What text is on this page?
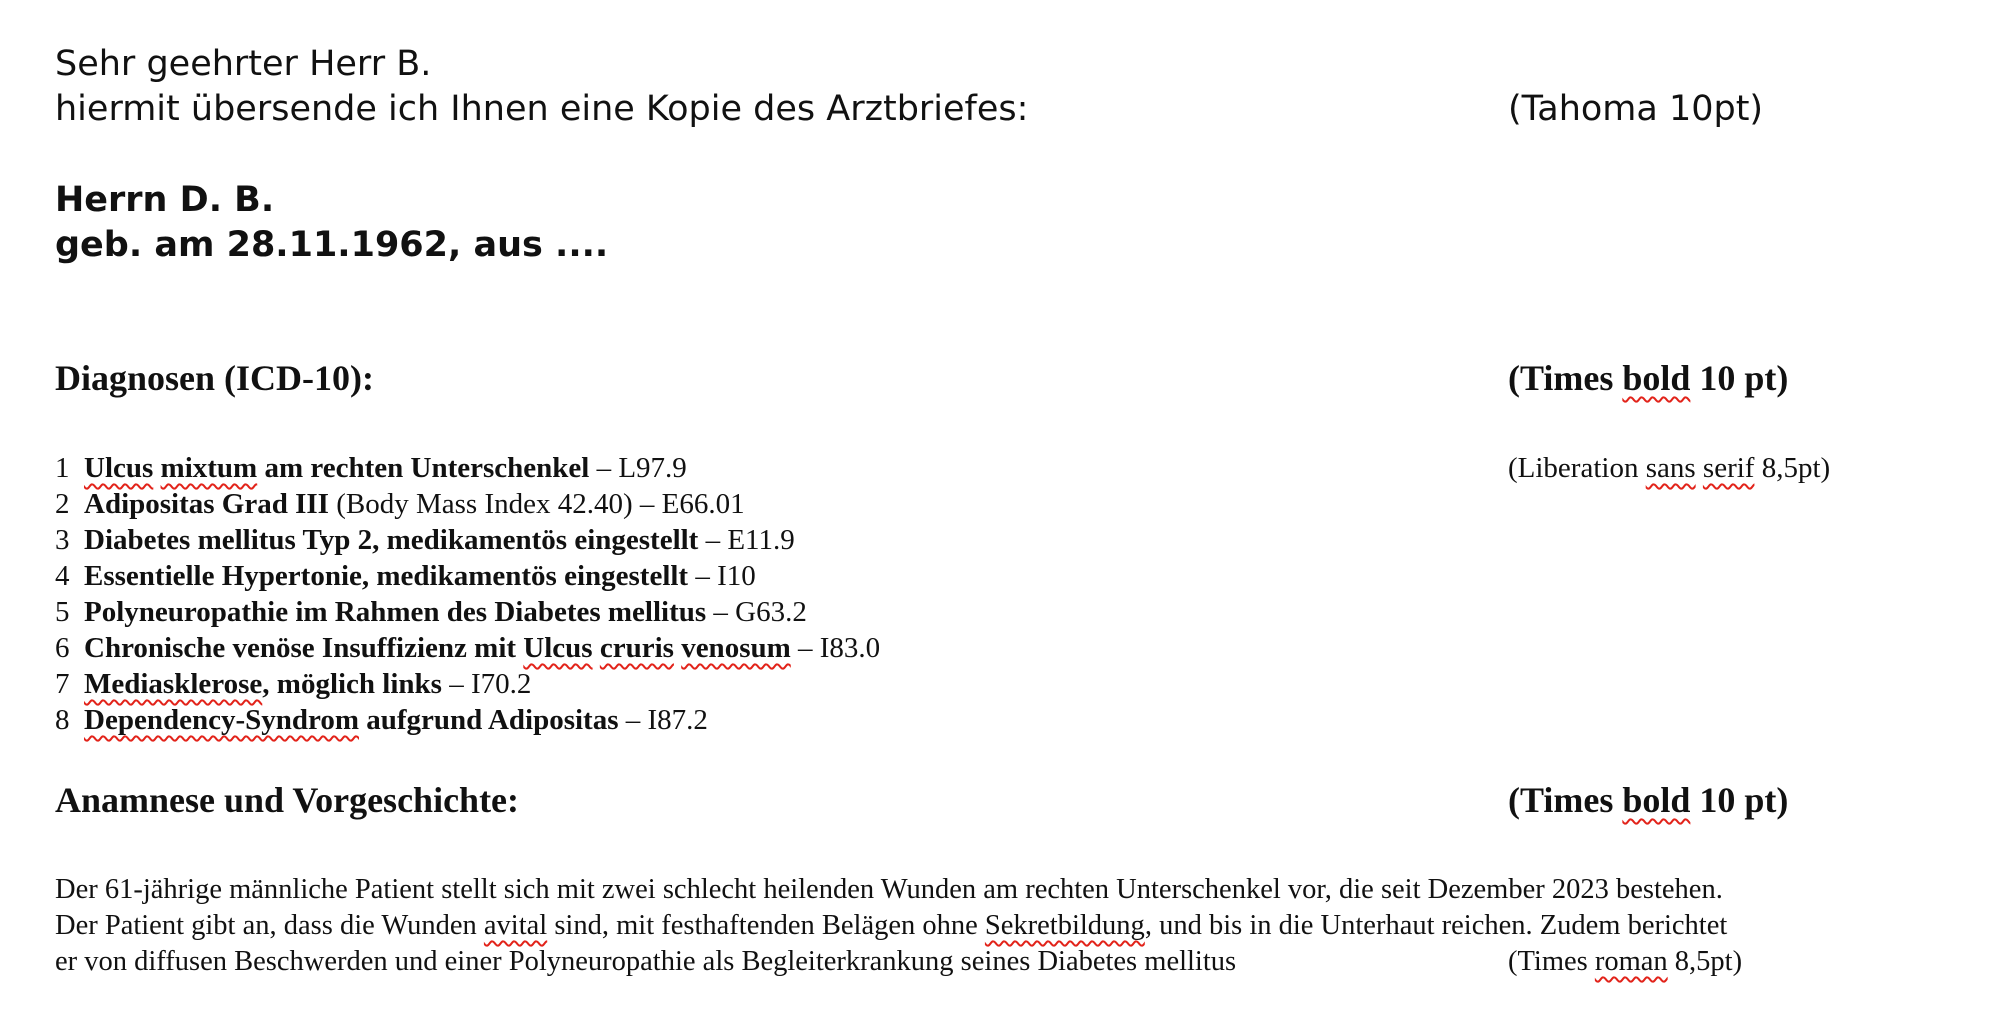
Sehr geehrter Herr B.
hiermit übersende ich Ihnen eine Kopie des Arztbriefes:	(Tahoma 10pt)
Herrn D. B.
geb. am 28.11.1962, aus ....
Diagnosen (ICD-10):	(Times bold 10 pt)
(Liberation sans serif 8,5pt)
1 Ulcus mixtum am rechten Unterschenkel – L97.9
2 Adipositas Grad III (Body Mass Index 42.40) – E66.01
3 Diabetes mellitus Typ 2, medikamentös eingestellt – E11.9
4 Essentielle Hypertonie, medikamentös eingestellt – I10
5 Polyneuropathie im Rahmen des Diabetes mellitus – G63.2
6 Chronische venöse Insuffizienz mit Ulcus cruris venosum – I83.0
7 Mediasklerose, möglich links – I70.2
8 Dependency-Syndrom aufgrund Adipositas – I87.2
Anamnese und Vorgeschichte:	(Times bold 10 pt)
Der 61-jährige männliche Patient stellt sich mit zwei schlecht heilenden Wunden am rechten Unterschenkel vor, die seit Dezember 2023 bestehen.
Der Patient gibt an, dass die Wunden avital sind, mit festhaftenden Belägen ohne Sekretbildung, und bis in die Unterhaut reichen. Zudem berichtet
er von diffusen Beschwerden und einer Polyneuropathie als Begleiterkrankung seines Diabetes mellitus	(Times roman 8,5pt)
